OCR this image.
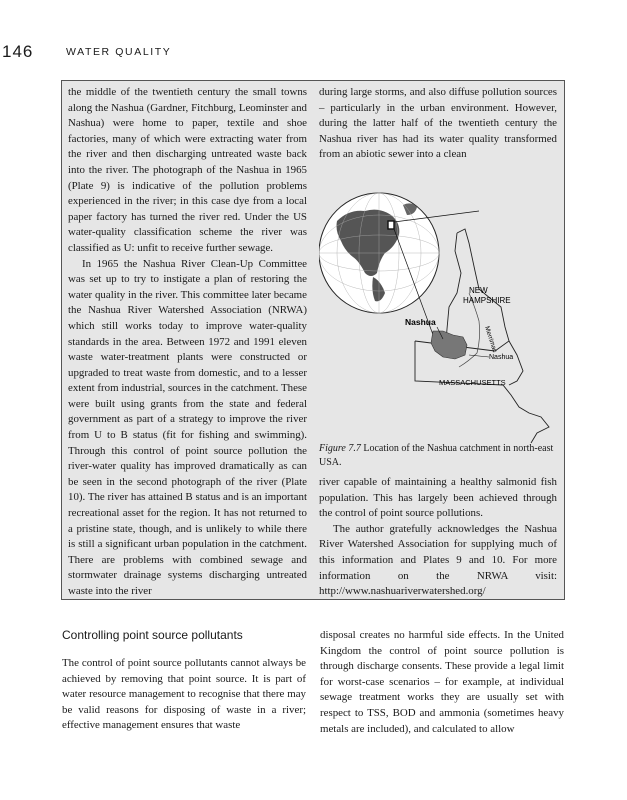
146	WATER QUALITY

the middle of the twentieth century the small towns along the Nashua (Gardner, Fitchburg, Leominster and Nashua) were home to paper, textile and shoe factories, many of which were extracting water from the river and then discharging untreated waste back into the river. The photograph of the Nashua in 1965 (Plate 9) is indicative of the pollution problems experienced in the river; in this case dye from a local paper factory has turned the river red. Under the US water-quality classification scheme the river was classified as U: unfit to receive further sewage.

In 1965 the Nashua River Clean-Up Committee was set up to try to instigate a plan of restoring the water quality in the river. This committee later became the Nashua River Watershed Association (NRWA) which still works today to improve water-quality standards in the area. Between 1972 and 1991 eleven waste water-treatment plants were constructed or upgraded to treat waste from domestic, and to a lesser extent from industrial, sources in the catchment. These were built using grants from the state and federal government as part of a strategy to improve the river from U to B status (fit for fishing and swimming). Through this control of point source pollution the river-water quality has improved dramatically as can be seen in the second photograph of the river (Plate 10). The river has attained B status and is an important recreational asset for the region. It has not returned to a pristine state, though, and is unlikely to while there is still a significant urban population in the catchment. There are problems with combined sewage and stormwater drainage systems discharging untreated waste into the river

during large storms, and also diffuse pollution sources – particularly in the urban environment. However, during the latter half of the twentieth century the Nashua river has had its water quality transformed from an abiotic sewer into a clean

NEW
HAMPSHIRE
Merrimac
Nashua
Nashua
MASSACHUSETTS
Figure 7.7 Location of the Nashua catchment in north-east USA.

river capable of maintaining a healthy salmonid fish population. This has largely been achieved through the control of point source pollutions.

The author gratefully acknowledges the Nashua River Watershed Association for supplying much of this information and Plates 9 and 10. For more information on the NRWA visit: http://www.nashuariverwatershed.org/

Controlling point source pollutants

The control of point source pollutants cannot always be achieved by removing that point source. It is part of water resource management to recognise that there may be valid reasons for disposing of waste in a river; effective management ensures that waste

disposal creates no harmful side effects. In the United Kingdom the control of point source pollution is through discharge consents. These provide a legal limit for worst-case scenarios – for example, at individual sewage treatment works they are usually set with respect to TSS, BOD and ammonia (sometimes heavy metals are included), and calculated to allow
